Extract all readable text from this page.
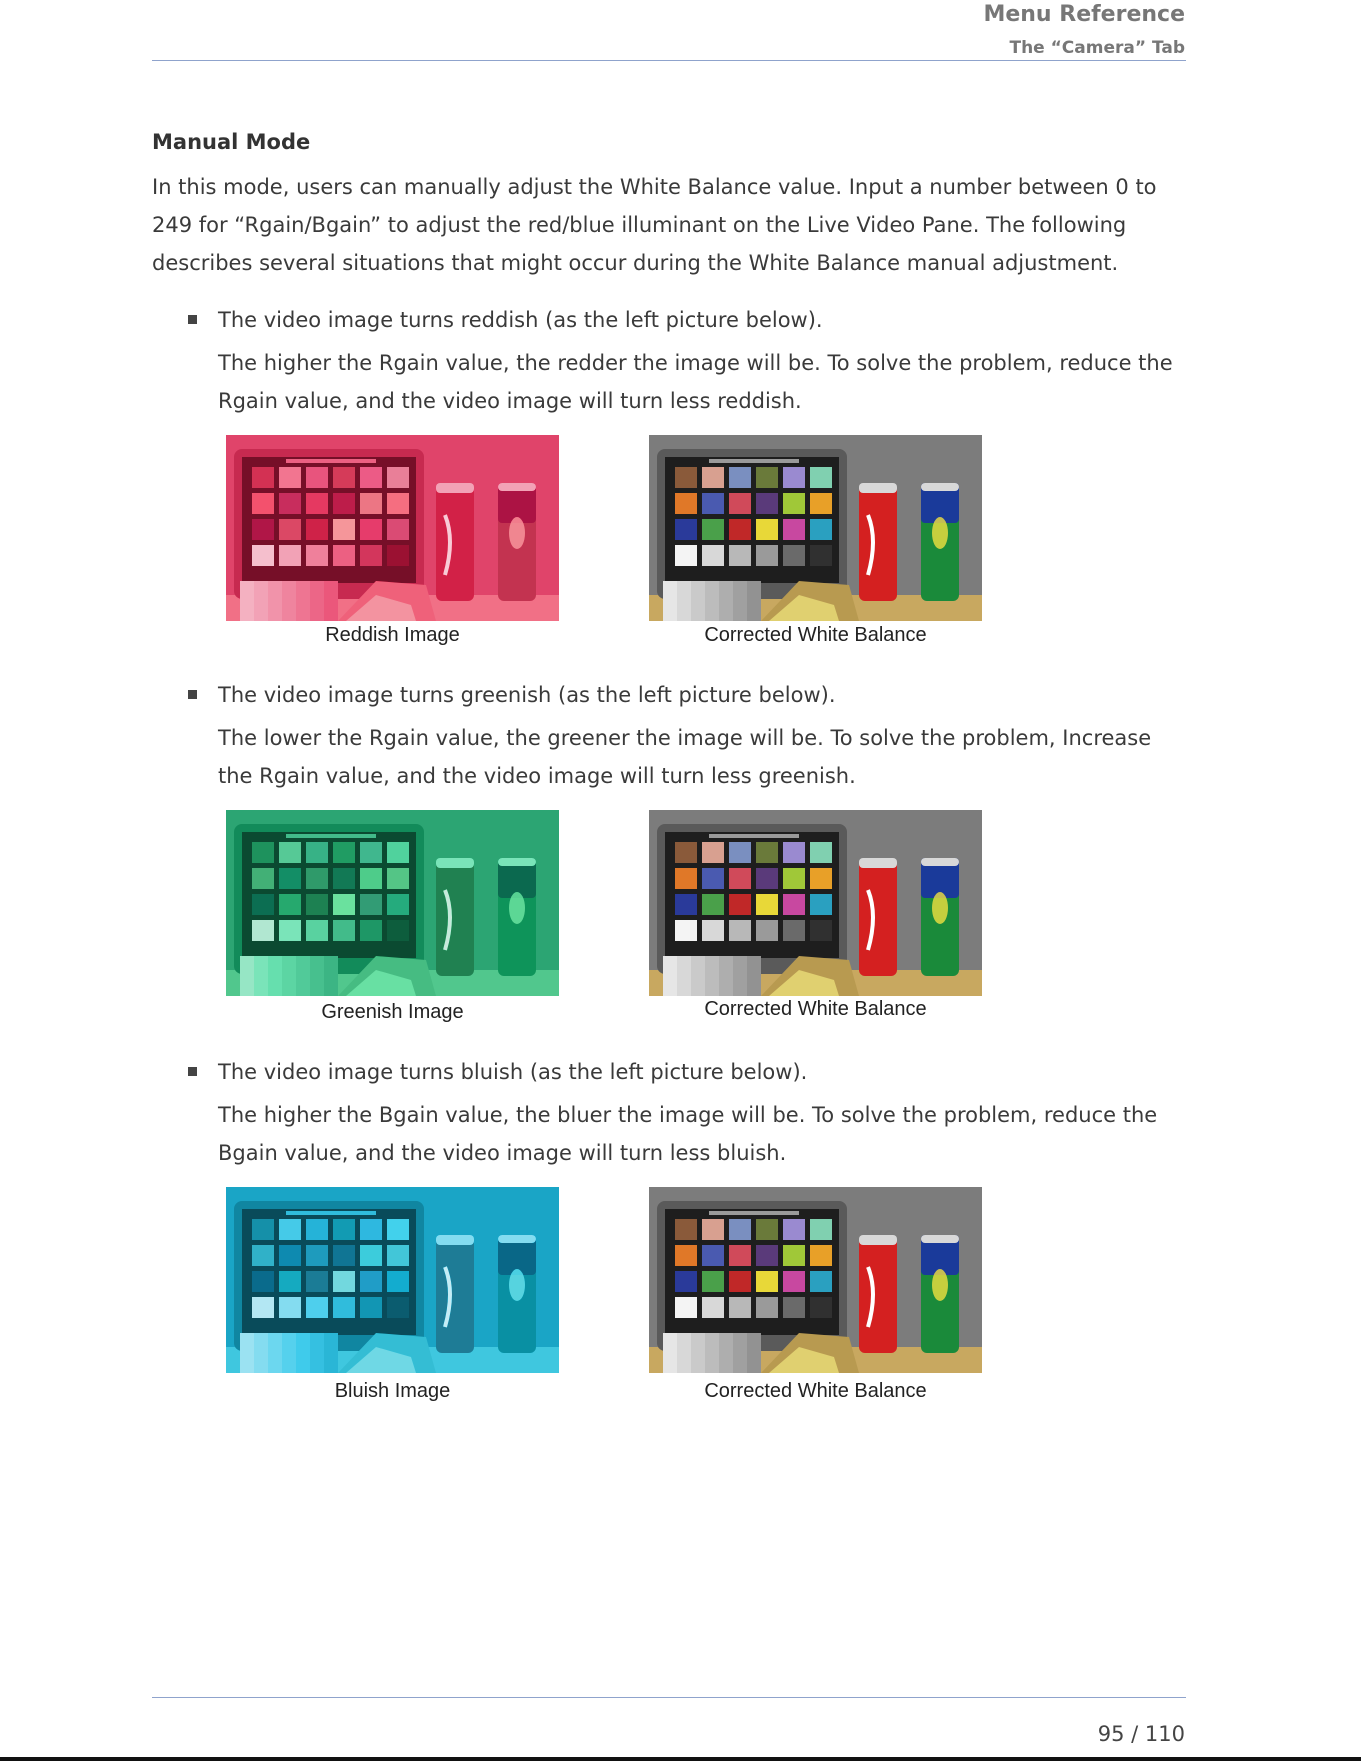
Menu Reference
The “Camera” Tab
Manual Mode
In this mode, users can manually adjust the White Balance value. Input a number between 0 to 249 for “Rgain/Bgain” to adjust the red/blue illuminant on the Live Video Pane. The following describes several situations that might occur during the White Balance manual adjustment.
The video image turns reddish (as the left picture below).
The higher the Rgain value, the redder the image will be. To solve the problem, reduce the Rgain value, and the video image will turn less reddish.
Reddish Image	Corrected White Balance
The video image turns greenish (as the left picture below).
The lower the Rgain value, the greener the image will be. To solve the problem, Increase the Rgain value, and the video image will turn less greenish.
Greenish Image	Corrected White Balance
The video image turns bluish (as the left picture below).
The higher the Bgain value, the bluer the image will be. To solve the problem, reduce the Bgain value, and the video image will turn less bluish.
Bluish Image	Corrected White Balance
95 / 110
